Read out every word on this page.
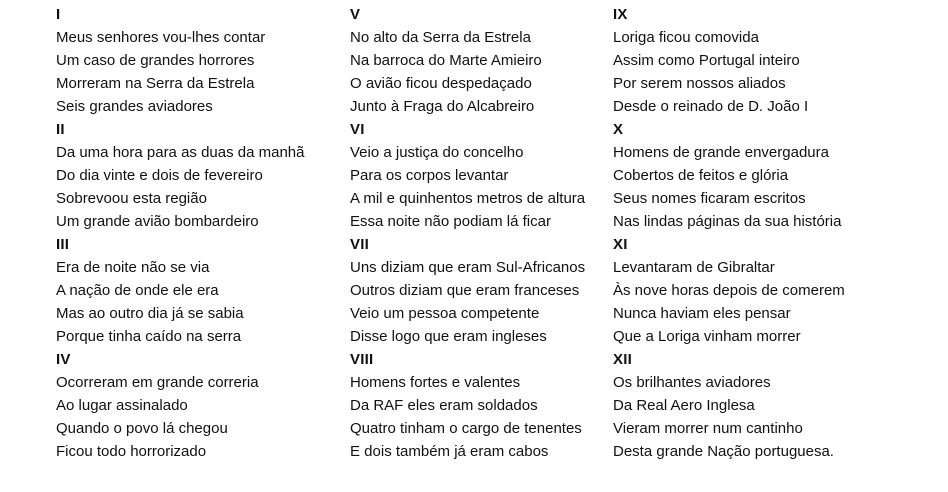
I
Meus senhores vou-lhes contar
Um caso de grandes horrores
Morreram na Serra da Estrela
Seis grandes aviadores
II
Da uma hora para as duas da manhã
Do dia vinte e dois de fevereiro
Sobrevoou esta região
Um grande avião bombardeiro
III
Era de noite não se via
A nação de onde ele era
Mas ao outro dia já se sabia
Porque tinha caído na serra
IV
Ocorreram em grande correria
Ao lugar assinalado
Quando o povo lá chegou
Ficou todo horrorizado
V
No alto da Serra da Estrela
Na barroca do Marte Amieiro
O avião ficou despedaçado
Junto à Fraga do Alcabreiro
VI
Veio a justiça do concelho
Para os corpos levantar
A mil e quinhentos metros de altura
Essa noite não podiam lá ficar
VII
Uns diziam que eram Sul-Africanos
Outros diziam que eram franceses
Veio um pessoa competente
Disse logo que eram ingleses
VIII
Homens fortes e valentes
Da RAF eles eram soldados
Quatro tinham o cargo de tenentes
E dois também já eram cabos
IX
Loriga ficou comovida
Assim como Portugal inteiro
Por serem nossos aliados
Desde o reinado de D. João I
X
Homens de grande envergadura
Cobertos de feitos e glória
Seus nomes ficaram escritos
Nas lindas páginas da sua história
XI
Levantaram de Gibraltar
Às nove horas depois de comerem
Nunca haviam eles pensar
Que a Loriga vinham morrer
XII
Os brilhantes aviadores
Da Real Aero Inglesa
Vieram morrer num cantinho
Desta grande Nação portuguesa.
